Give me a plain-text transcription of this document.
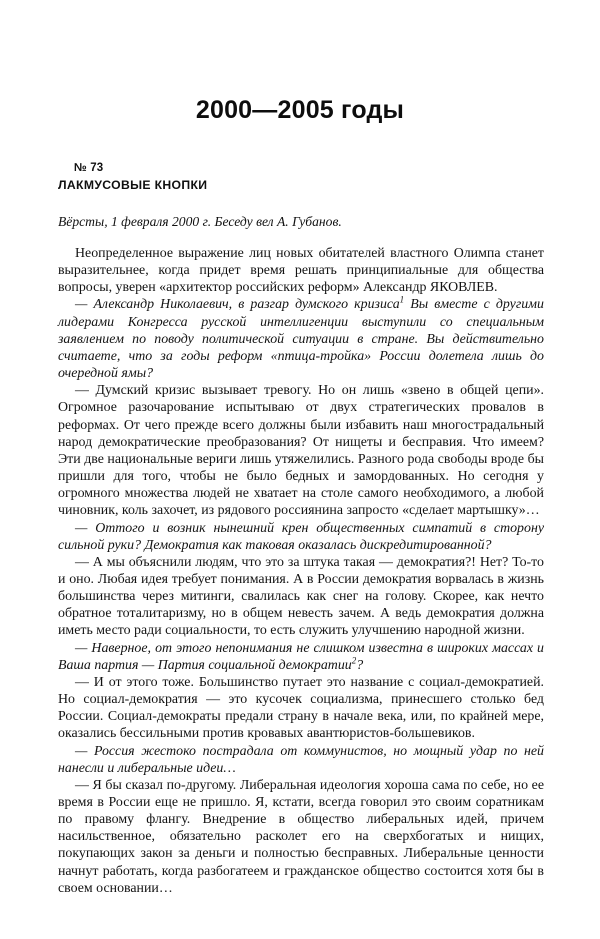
2000—2005 годы
№ 73
ЛАКМУСОВЫЕ КНОПКИ
Вёрсты, 1 февраля 2000 г. Беседу вел А. Губанов.

Неопределенное выражение лиц новых обитателей властного Олимпа станет выразительнее, когда придет время решать принципиальные для общества вопросы, уверен «архитектор российских реформ» Александр ЯКОВЛЕВ.

— Александр Николаевич, в разгар думского кризиса$^1$ Вы вместе с другими лидерами Конгресса русской интеллигенции выступили со специальным заявлением по поводу политической ситуации в стране. Вы действительно считаете, что за годы реформ «птица-тройка» России долетела лишь до очередной ямы?

— Думский кризис вызывает тревогу. Но он лишь «звено в общей цепи». Огромное разочарование испытываю от двух стратегических провалов в реформах. От чего прежде всего должны были избавить наш многострадальный народ демократические преобразования? От нищеты и бесправия. Что имеем? Эти две национальные вериги лишь утяжелились. Разного рода свободы вроде бы пришли для того, чтобы не было бедных и замордованных. Но сегодня у огромного множества людей не хватает на столе самого необходимого, а любой чиновник, коль захочет, из рядового россиянина запросто «сделает мартышку»…

— Оттого и возник нынешний крен общественных симпатий в сторону сильной руки? Демократия как таковая оказалась дискредитированной?

— А мы объяснили людям, что это за штука такая — демократия?! Нет? То-то и оно. Любая идея требует понимания. А в России демократия ворвалась в жизнь большинства через митинги, свалилась как снег на голову. Скорее, как нечто обратное тоталитаризму, но в общем невесть зачем. А ведь демократия должна иметь место ради социальности, то есть служить улучшению народной жизни.

— Наверное, от этого непонимания не слишком известна в широких массах и Ваша партия — Партия социальной демократии$^2$?

— И от этого тоже. Большинство путает это название с социал-демократией. Но социал-демократия — это кусочек социализма, принесшего столько бед России. Социал-демократы предали страну в начале века, или, по крайней мере, оказались бессильными против кровавых авантюристов-большевиков.

— Россия жестоко пострадала от коммунистов, но мощный удар по ней нанесли и либеральные идеи…

— Я бы сказал по-другому. Либеральная идеология хороша сама по себе, но ее время в России еще не пришло. Я, кстати, всегда говорил это своим соратникам по правому флангу. Внедрение в общество либеральных идей, причем насильственное, обязательно расколет его на сверхбогатых и нищих, покупающих закон за деньги и полностью бесправных. Либеральные ценности начнут работать, когда разбогатеем и гражданское общество состоится хотя бы в своем основании…
